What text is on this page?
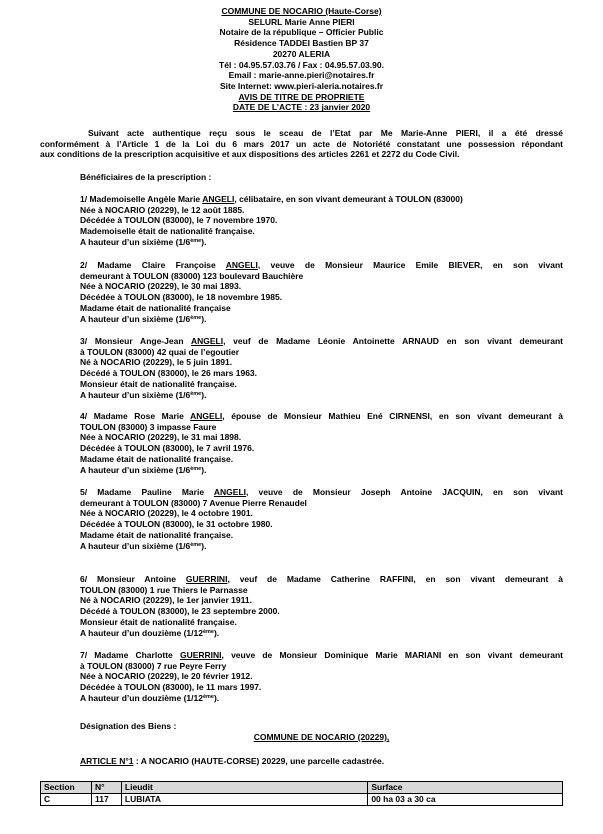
COMMUNE DE NOCARIO (Haute-Corse)
SELURL Marie Anne PIERI
Notaire de la république – Officier Public
Résidence TADDEI Bastien BP 37
20270 ALERIA
Tél : 04.95.57.03.76 / Fax : 04.95.57.03.90.
Email : marie-anne.pieri@notaires.fr
Site Internet: www.pieri-aleria.notaires.fr
AVIS DE TITRE DE PROPRIETE
DATE DE L’ACTE : 23 janvier 2020
Suivant acte authentique reçu sous le sceau de l’Etat par Me Marie-Anne PIERI, il a été dressé
conformément à l’Article 1 de la Loi du 6 mars 2017 un acte de Notoriété constatant une possession répondant
aux conditions de la prescription acquisitive et aux dispositions des articles 2261 et 2272 du Code Civil.
Bénéficiaires de la prescription :
1/ Mademoiselle Angèle Marie ANGELI, célibataire, en son vivant demeurant à TOULON (83000)
Née à NOCARIO (20229), le 12 août 1885.
Décédée à TOULON (83000), le 7 novembre 1970.
Mademoiselle était de nationalité française.
A hauteur d’un sixième (1/6ème).
2/ Madame Claire Françoise ANGELI, veuve de Monsieur Maurice Emile BIEVER, en son vivant
demeurant à TOULON (83000) 123 boulevard Bauchière
Née à NOCARIO (20229), le 30 mai 1893.
Décédée à TOULON (83000), le 18 novembre 1985.
Madame était de nationalité française
A hauteur d’un sixième (1/6ème).
3/ Monsieur Ange-Jean ANGELI, veuf de Madame Léonie Antoinette ARNAUD en son vivant demeurant
à TOULON (83000) 42 quai de l’egoutier
Né à NOCARIO (20229), le 5 juin 1891.
Décédé à TOULON (83000), le 26 mars 1963.
Monsieur était de nationalité française.
A hauteur d’un sixième (1/6ème).
4/ Madame Rose Marie ANGELI, épouse de Monsieur Mathieu Ené CIRNENSI, en son vivant demeurant à
TOULON (83000) 3 impasse Faure
Née à NOCARIO (20229), le 31 mai 1898.
Décédée à TOULON (83000), le 7 avril 1976.
Madame était de nationalité française.
A hauteur d’un sixième (1/6ème).
5/ Madame Pauline Marie ANGELI, veuve de Monsieur Joseph Antoine JACQUIN, en son vivant
demeurant à TOULON (83000) 7 Avenue Pierre Renaudel
Née à NOCARIO (20229), le 4 octobre 1901.
Décédée à TOULON (83000), le 31 octobre 1980.
Madame était de nationalité française.
A hauteur d’un sixième (1/6ème).
6/ Monsieur Antoine GUERRINI, veuf de Madame Catherine RAFFINI, en son vivant demeurant à
TOULON (83000) 1 rue Thiers le Parnasse
Né à NOCARIO (20229), le 1er janvier 1911.
Décédé à TOULON (83000), le 23 septembre 2000.
Monsieur était de nationalité française.
A hauteur d’un douzième (1/12ème).
7/ Madame Charlotte GUERRINI, veuve de Monsieur Dominique Marie MARIANI en son vivant demeurant
à TOULON (83000) 7 rue Peyre Ferry
Née à NOCARIO (20229), le 20 février 1912.
Décédée à TOULON (83000), le 11 mars 1997.
A hauteur d’un douzième (1/12ème).
Désignation des Biens :
COMMUNE DE NOCARIO (20229),
ARTICLE N°1 : A NOCARIO (HAUTE-CORSE) 20229, une parcelle cadastrée.
Section	N°	Lieudit	Surface
C	117	LUBIATA	00 ha 03 a 30 ca
